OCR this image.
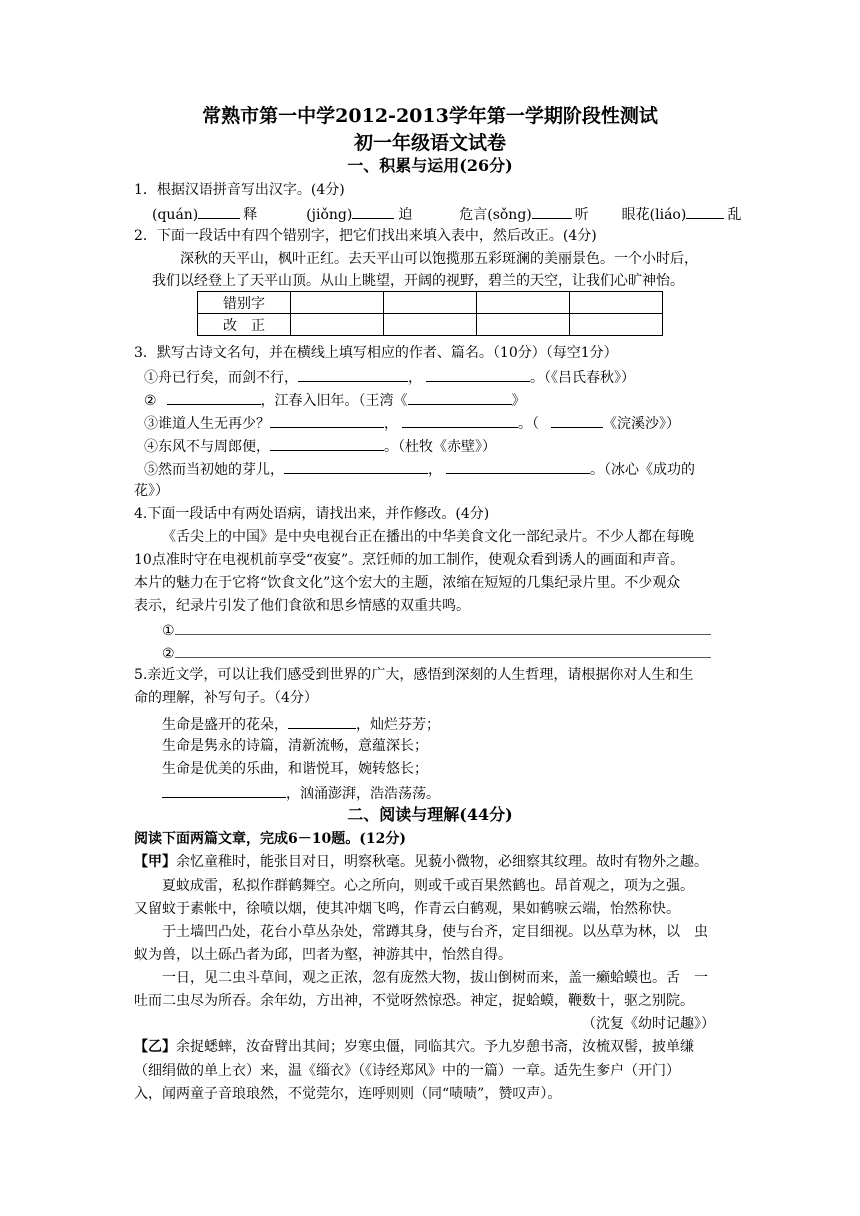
常熟市第一中学2012-2013学年第一学期阶段性测试
初一年级语文试卷
一、积累与运用(26分)
1．根据汉语拼音写出汉字。(4分)
(quán)	释	(jiǒng)	迫	危言(sǒng)	听 眼花(liáo)	乱
2．下面一段话中有四个错别字，把它们找出来填入表中，然后改正。(4分)
深秋的天平山，枫叶正红。去天平山可以饱揽那五彩斑澜的美丽景色。一个小时后，
我们以经登上了天平山顶。从山上眺望，开阔的视野，碧兰的天空，让我们心旷神怡。
错别字				
改　正				
3．默写古诗文名句，并在横线上填写相应的作者、篇名。（10分）（每空1分）
①舟已行矣，而剑不行，	，	。（《吕氏春秋》）
②	，江春入旧年。（王湾《	》
③谁道人生无再少？	，	。（	《浣溪沙》）
④东风不与周郎便，	。（杜牧《赤壁》）
⑤然而当初她的芽儿，	，	。（冰心《成功的
花》）
4.下面一段话中有两处语病，请找出来，并作修改。(4分)
《舌尖上的中国》是中央电视台正在播出的中华美食文化一部纪录片。不少人都在每晚
10点准时守在电视机前享受“夜宴”。烹饪师的加工制作，使观众看到诱人的画面和声音。
本片的魅力在于它将“饮食文化”这个宏大的主题，浓缩在短短的几集纪录片里。不少观众
表示，纪录片引发了他们食欲和思乡情感的双重共鸣。
①
②
5.亲近文学，可以让我们感受到世界的广大，感悟到深刻的人生哲理，请根据你对人生和生
命的理解，补写句子。（4分）
生命是盛开的花朵，	，灿烂芬芳；
生命是隽永的诗篇，清新流畅，意蕴深长；
生命是优美的乐曲，和谐悦耳，婉转悠长；
，汹涌澎湃，浩浩荡荡。
二、阅读与理解(44分)
阅读下面两篇文章，完成6－10题。(12分)
【甲】余忆童稚时，能张目对日，明察秋毫。见藐小微物，必细察其纹理。故时有物外之趣。
夏蚊成雷，私拟作群鹤舞空。心之所向，则或千或百果然鹤也。昂首观之，项为之强。
又留蚊于素帐中，徐喷以烟，使其冲烟飞鸣，作青云白鹤观，果如鹤唳云端，怡然称快。
于土墙凹凸处，花台小草丛杂处，常蹲其身，使与台齐，定目细视。以丛草为林，以　虫
蚁为兽，以土砾凸者为邱，凹者为壑，神游其中，怡然自得。
一日，见二虫斗草间，观之正浓，忽有庞然大物，拔山倒树而来，盖一癞蛤蟆也。舌　一
吐而二虫尽为所吞。余年幼，方出神，不觉呀然惊恐。神定，捉蛤蟆，鞭数十，驱之别院。
（沈复《幼时记趣》）
【乙】余捉蟋蟀，汝奋臂出其间；岁寒虫僵，同临其穴。予九岁憩书斋，汝梳双髻，披单缣
（细绢做的单上衣）来，温《缁衣》（《诗经郑风》中的一篇）一章。适先生奓户（开门）
入，闻两童子音琅琅然，不觉莞尔，连呼则则（同“啧啧”，赞叹声）。
